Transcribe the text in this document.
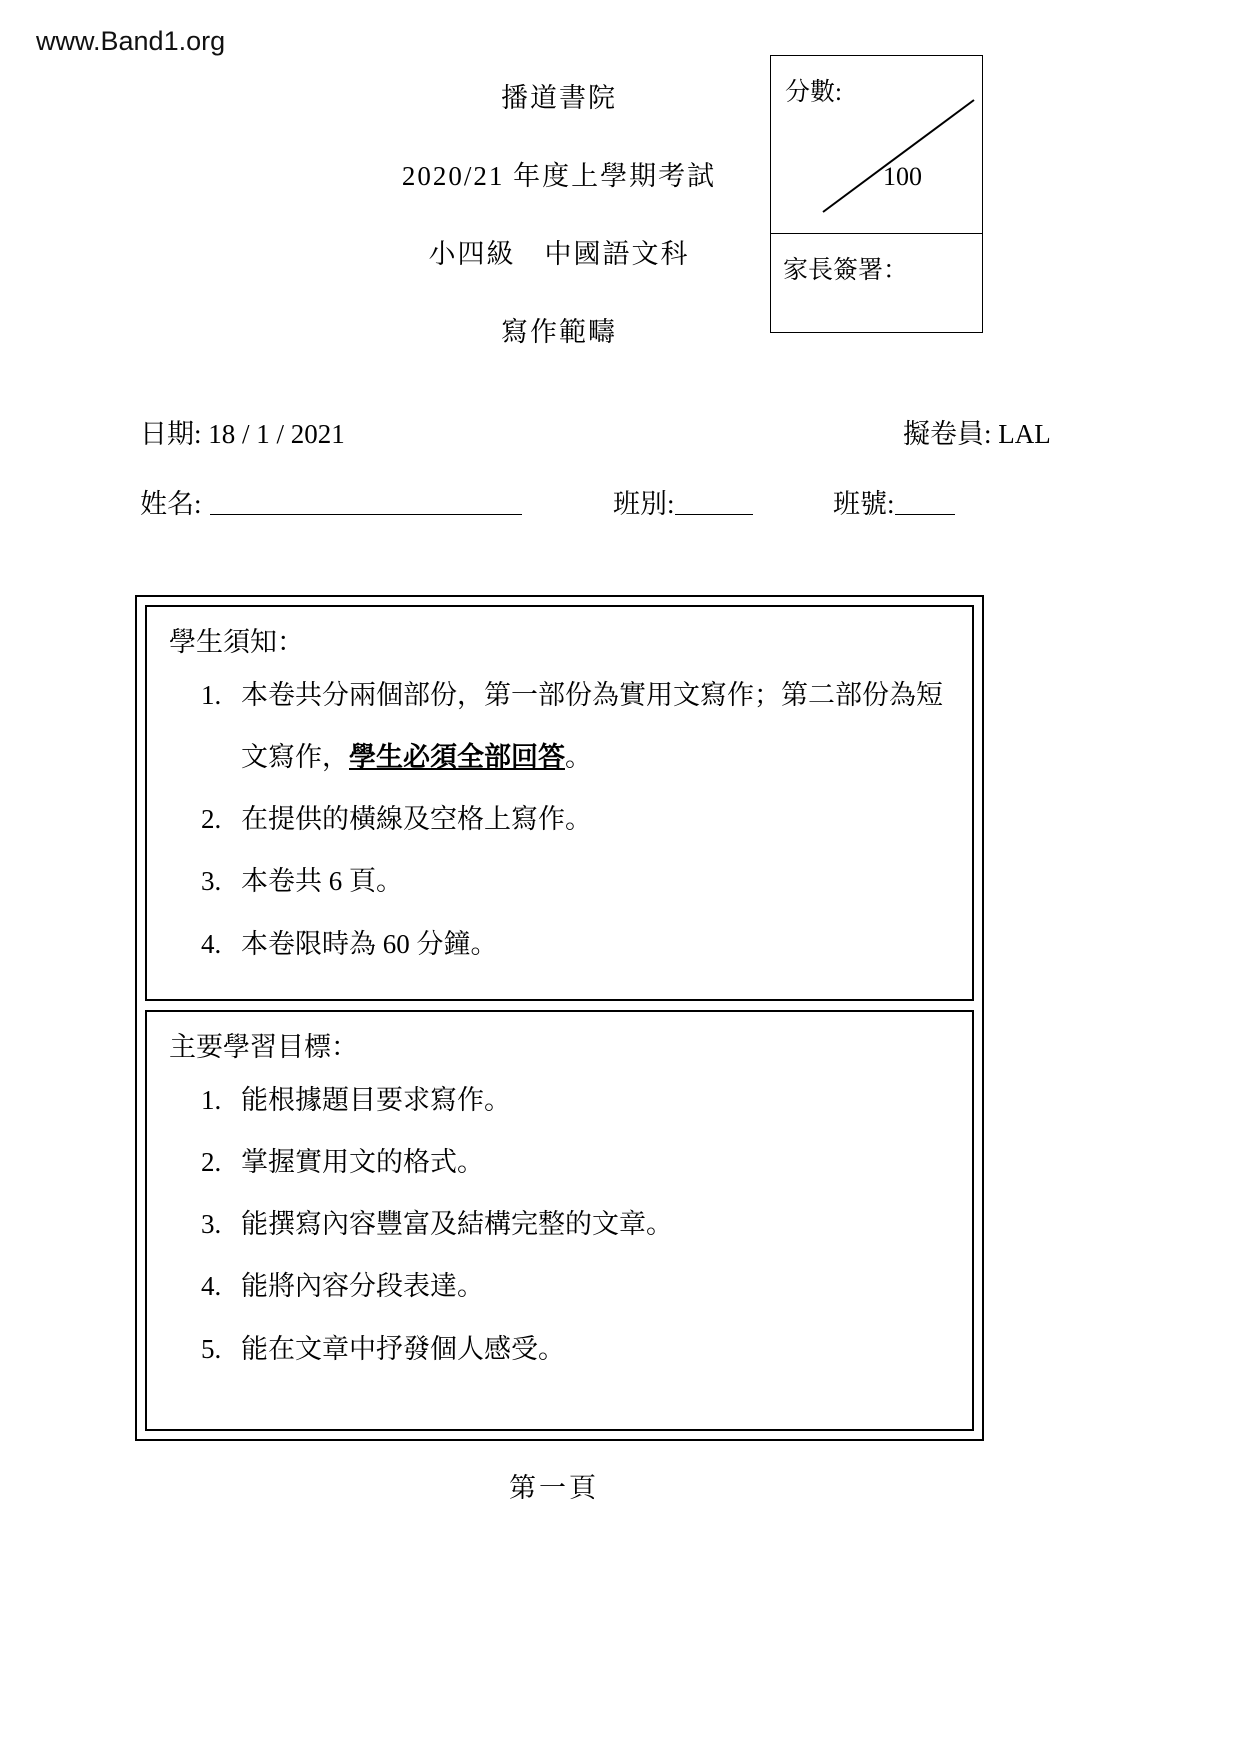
www.Band1.org
播道書院
2020/21 年度上學期考試
小四級　中國語文科
寫作範疇
分數:
100
家長簽署：
日期: 18 / 1 / 2021	擬卷員: LAL
姓名:	班別:	班號:
學生須知：
1. 本卷共分兩個部份，第一部份為實用文寫作；第二部份為短文寫作，學生必須全部回答。
2. 在提供的橫線及空格上寫作。
3. 本卷共 6 頁。
4. 本卷限時為 60 分鐘。
主要學習目標：
1. 能根據題目要求寫作。
2. 掌握實用文的格式。
3. 能撰寫內容豐富及結構完整的文章。
4. 能將內容分段表達。
5. 能在文章中抒發個人感受。
第一頁
